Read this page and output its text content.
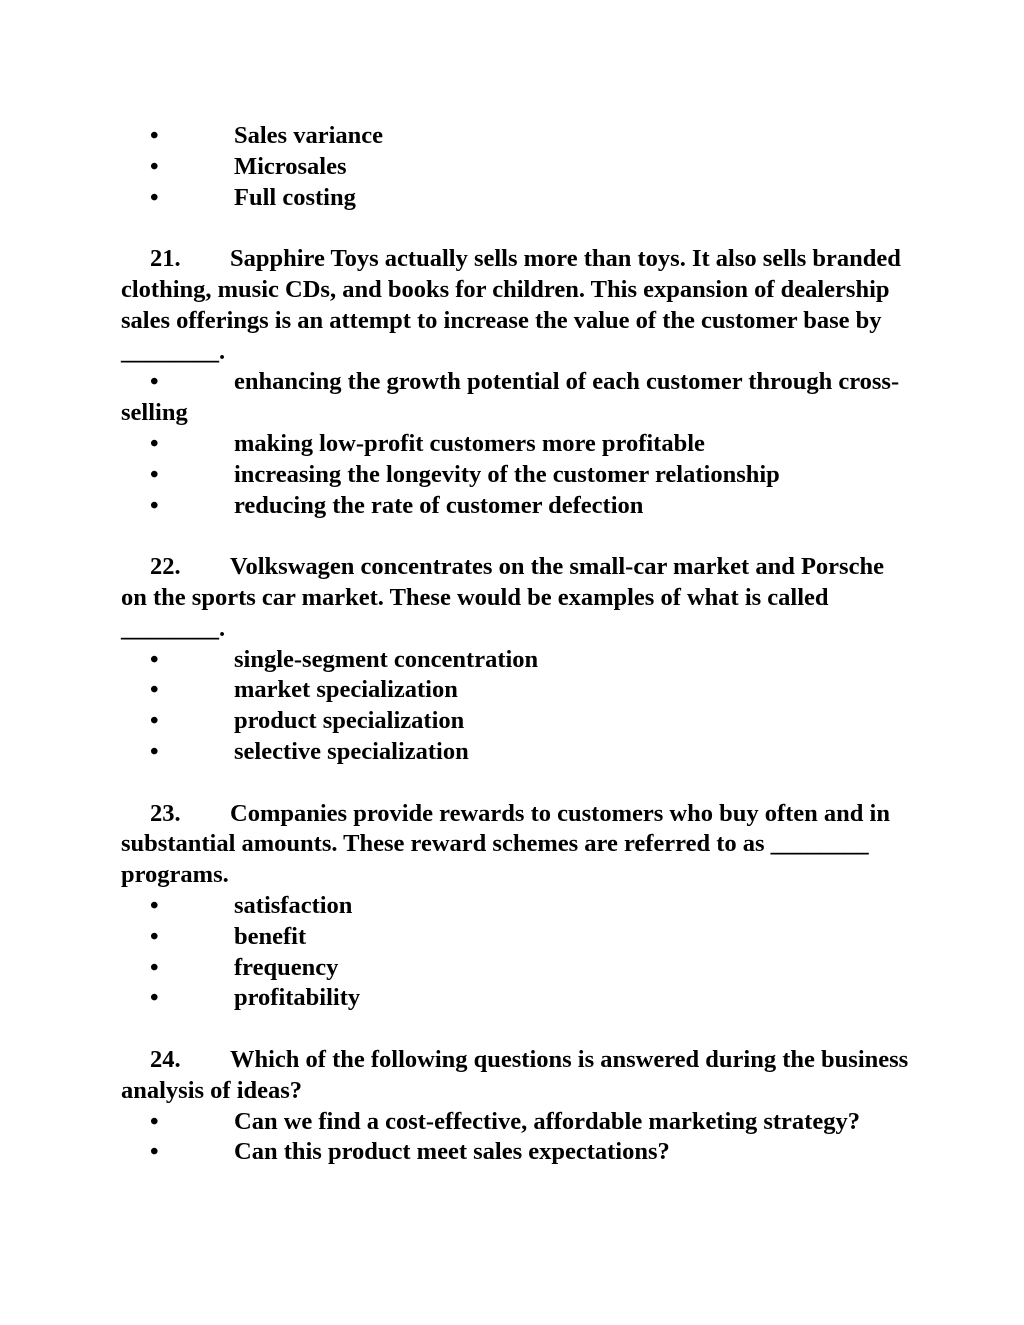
•	Sales variance
•	Microsales
•	Full costing
21. Sapphire Toys actually sells more than toys. It also sells branded clothing, music CDs, and books for children. This expansion of dealership sales offerings is an attempt to increase the value of the customer base by ________.
•	enhancing the growth potential of each customer through cross-selling
•	making low-profit customers more profitable
•	increasing the longevity of the customer relationship
•	reducing the rate of customer defection
22. Volkswagen concentrates on the small-car market and Porsche on the sports car market. These would be examples of what is called ________.
•	single-segment concentration
•	market specialization
•	product specialization
•	selective specialization
23. Companies provide rewards to customers who buy often and in substantial amounts. These reward schemes are referred to as ________ programs.
•	satisfaction
•	benefit
•	frequency
•	profitability
24. Which of the following questions is answered during the business analysis of ideas?
•	Can we find a cost-effective, affordable marketing strategy?
•	Can this product meet sales expectations?
